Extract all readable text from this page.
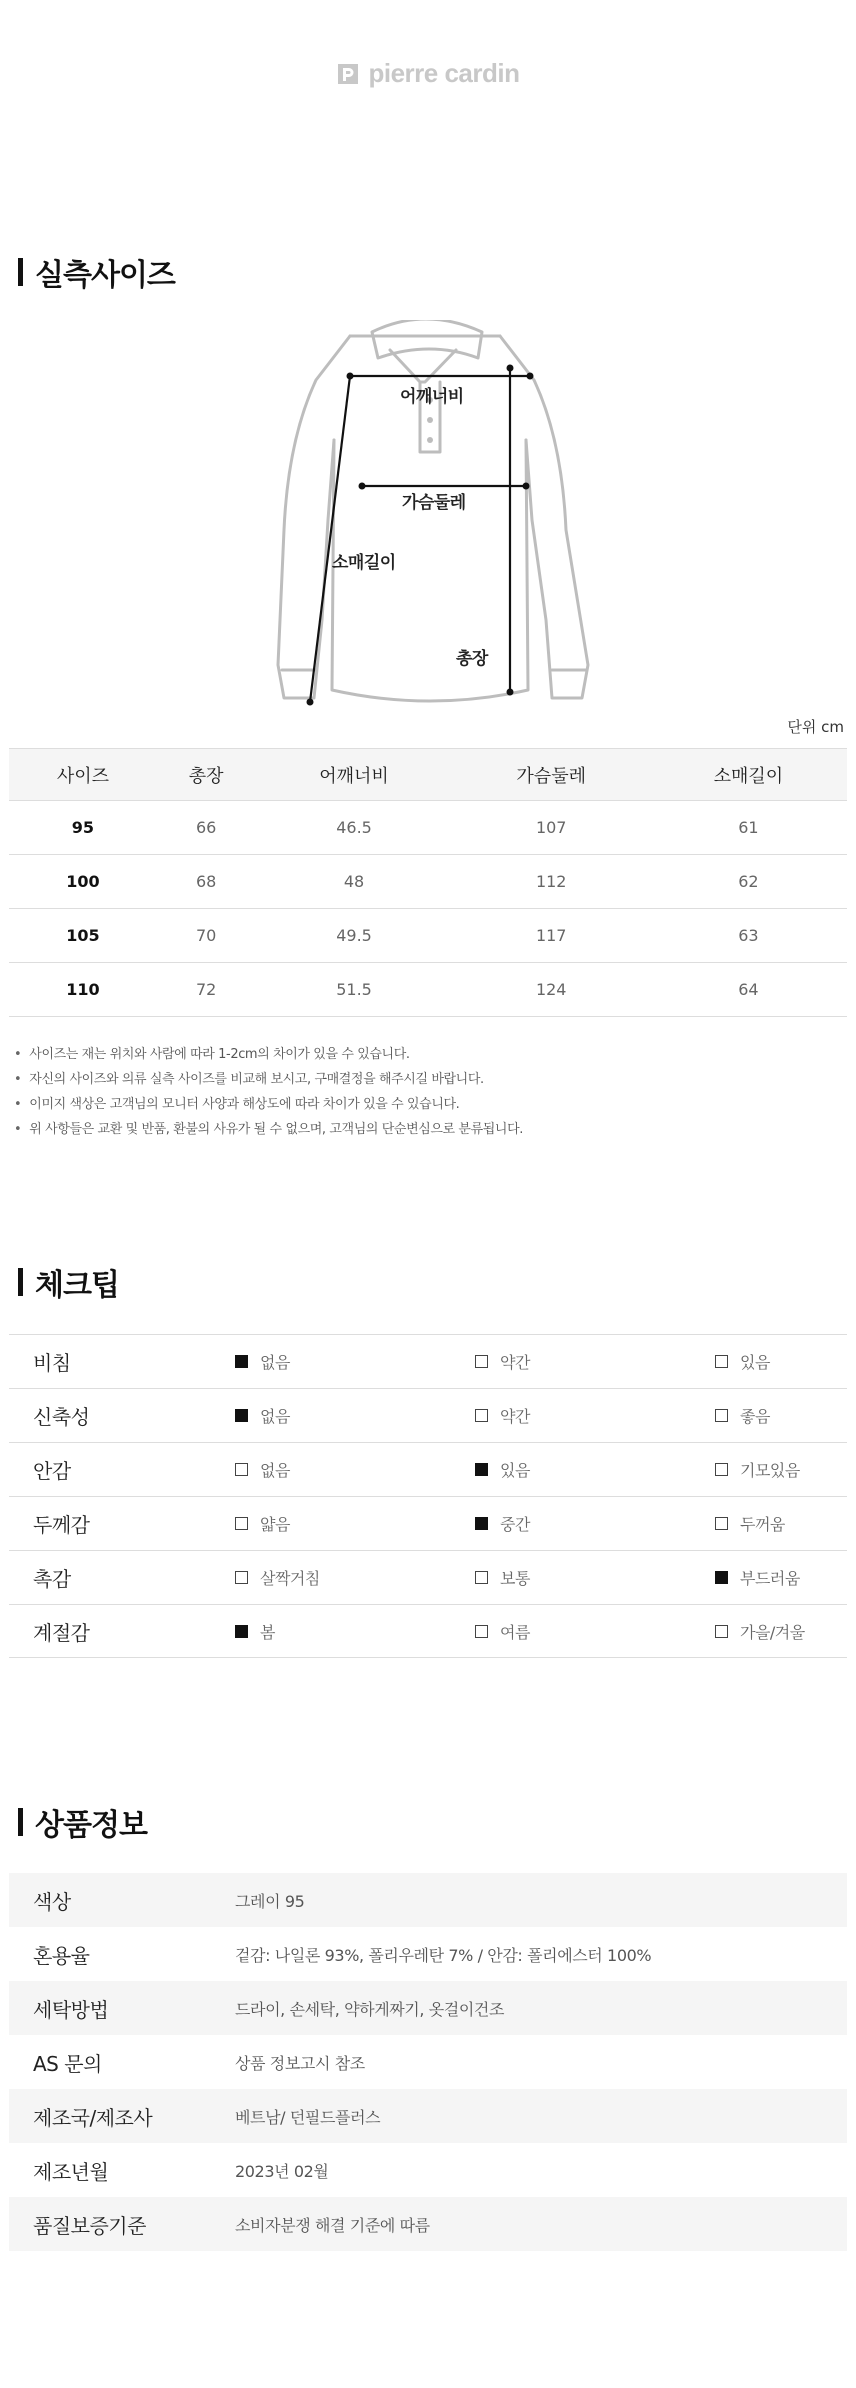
pierre cardin
실측사이즈
어깨너비
가슴둘레
소매길이
총장
단위 cm
사이즈	총장	어깨너비	가슴둘레	소매길이
95	66	46.5	107	61
100	68	48	112	62
105	70	49.5	117	63
110	72	51.5	124	64
• 사이즈는 재는 위치와 사람에 따라 1-2cm의 차이가 있을 수 있습니다.
• 자신의 사이즈와 의류 실측 사이즈를 비교해 보시고, 구매결정을 해주시길 바랍니다.
• 이미지 색상은 고객님의 모니터 사양과 해상도에 따라 차이가 있을 수 있습니다.
• 위 사항들은 교환 및 반품, 환불의 사유가 될 수 없으며, 고객님의 단순변심으로 분류됩니다.
체크팁
비침	없음	약간	있음
신축성	없음	약간	좋음
안감	없음	있음	기모있음
두께감	얇음	중간	두꺼움
촉감	살짝거침	보통	부드러움
계절감	봄	여름	가을/겨울
상품정보
색상	그레이 95
혼용율	겉감: 나일론 93%, 폴리우레탄 7% / 안감: 폴리에스터 100%
세탁방법	드라이, 손세탁, 약하게짜기, 옷걸이건조
AS 문의	상품 정보고시 참조
제조국/제조사	베트남/ 던필드플러스
제조년월	2023년 02월
품질보증기준	소비자분쟁 해결 기준에 따름
